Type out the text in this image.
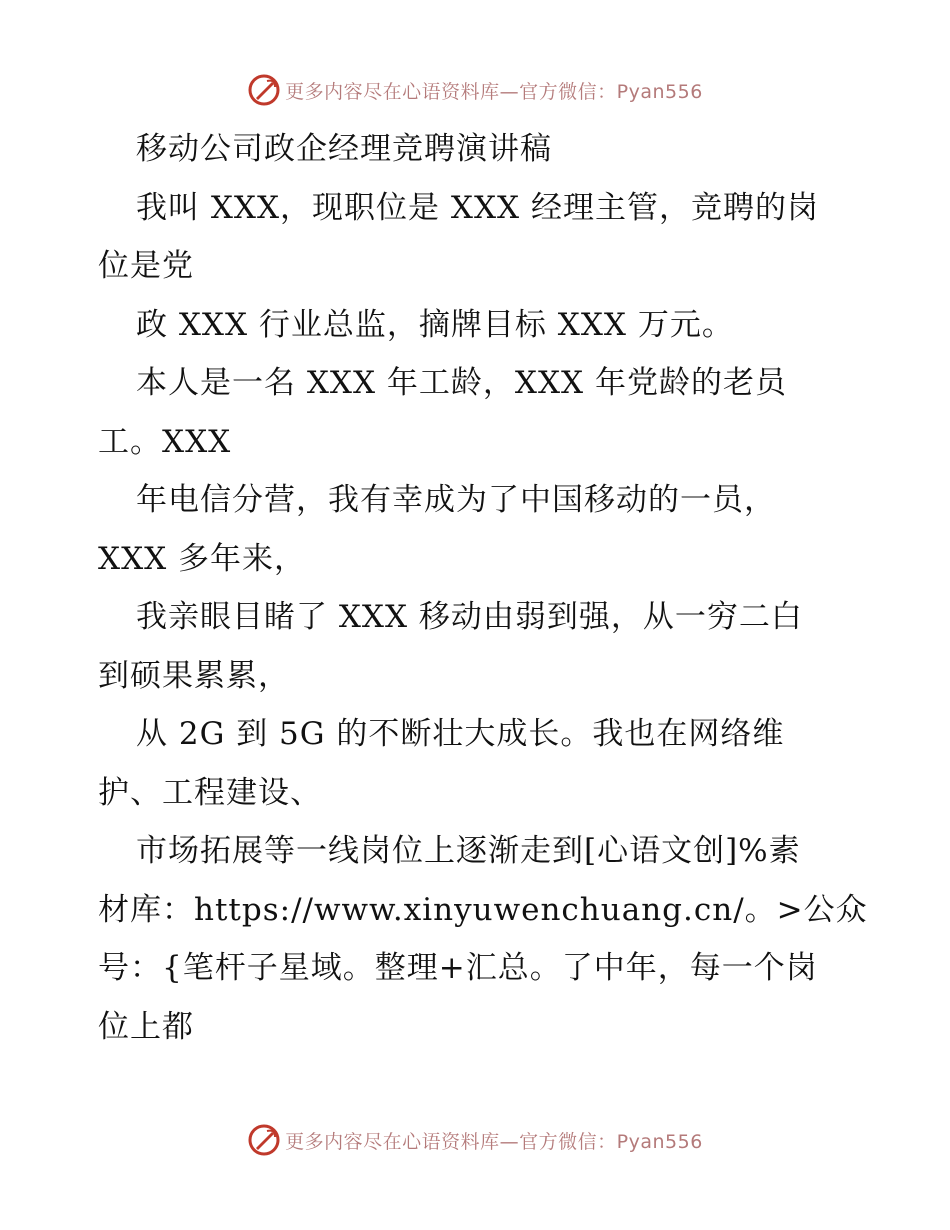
更多内容尽在心语资料库—官方微信：Pyan556
移动公司政企经理竞聘演讲稿
我叫 XXX，现职位是 XXX 经理主管，竞聘的岗
位是党
政 XXX 行业总监，摘牌目标 XXX 万元。
本人是一名 XXX 年工龄，XXX 年党龄的老员
工。XXX
年电信分营，我有幸成为了中国移动的一员，
XXX 多年来，
我亲眼目睹了 XXX 移动由弱到强，从一穷二白
到硕果累累，
从 2G 到 5G 的不断壮大成长。我也在网络维
护、工程建设、
市场拓展等一线岗位上逐渐走到[心语文创]%素
材库：https://www.xinyuwenchuang.cn/。>公众
号：{笔杆子星域。整理+汇总。了中年，每一个岗
位上都
更多内容尽在心语资料库—官方微信：Pyan556
